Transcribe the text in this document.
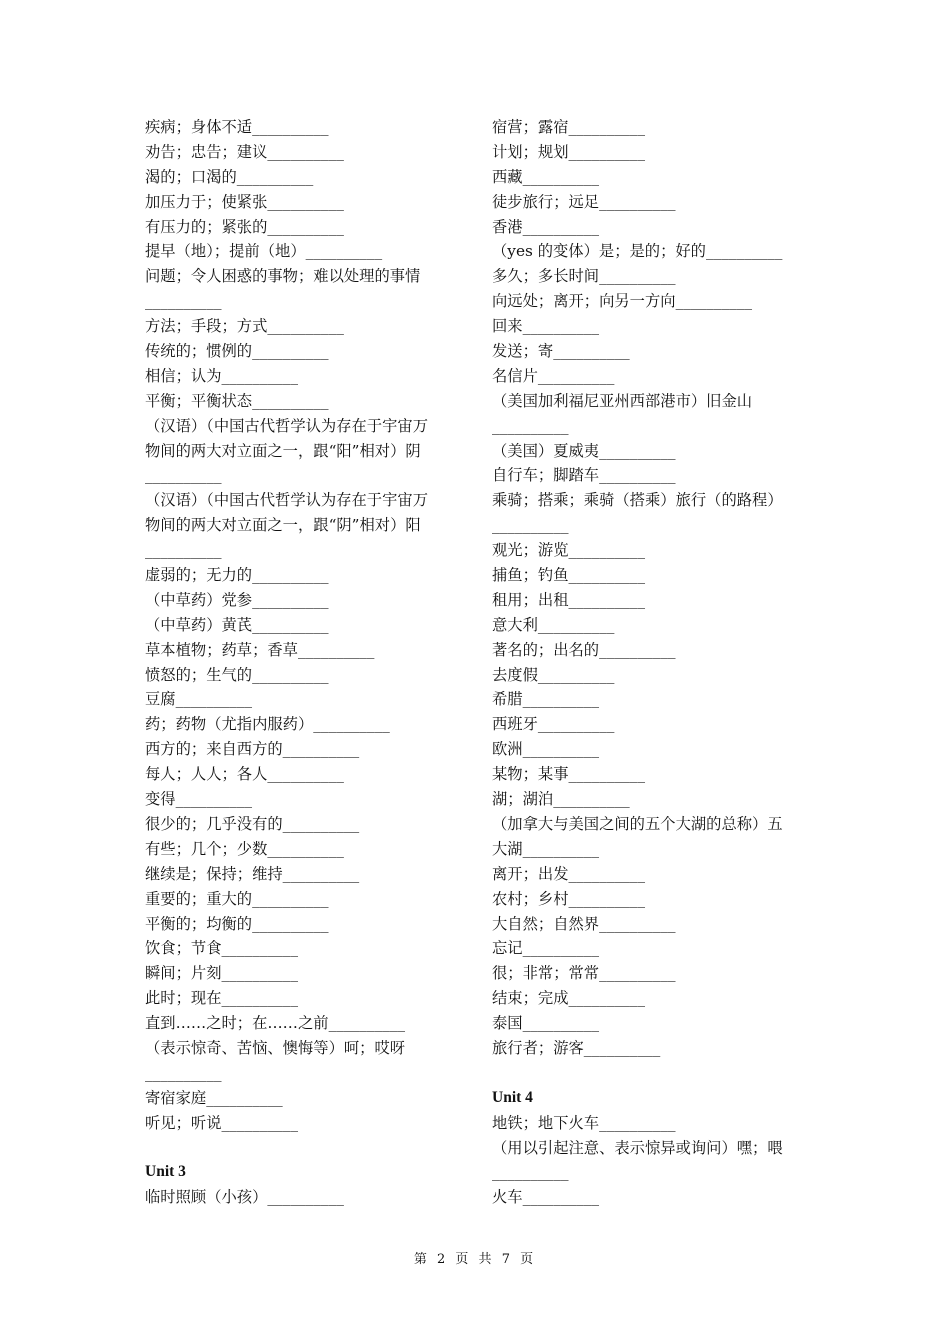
疾病；身体不适__________
劝告；忠告；建议__________
渴的；口渴的__________
加压力于；使紧张__________
有压力的；紧张的__________
提早（地）；提前（地）__________
问题；令人困惑的事物；难以处理的事情
__________
方法；手段；方式__________
传统的；惯例的__________
相信；认为__________
平衡；平衡状态__________
（汉语）（中国古代哲学认为存在于宇宙万
物间的两大对立面之一，跟“阳”相对）阴
__________
（汉语）（中国古代哲学认为存在于宇宙万
物间的两大对立面之一，跟“阴”相对）阳
__________
虚弱的；无力的__________
（中草药）党参__________
（中草药）黄芪__________
草本植物；药草；香草__________
愤怒的；生气的__________
豆腐__________
药；药物（尤指内服药）__________
西方的；来自西方的__________
每人；人人；各人__________
变得__________
很少的；几乎没有的__________
有些；几个；少数__________
继续是；保持；维持__________
重要的；重大的__________
平衡的；均衡的__________
饮食；节食__________
瞬间；片刻__________
此时；现在__________
直到……之时；在……之前__________
（表示惊奇、苦恼、懊悔等）呵；哎呀
__________
寄宿家庭__________
听见；听说__________
Unit 3
临时照顾（小孩）__________
宿营；露宿__________
计划；规划__________
西藏__________
徒步旅行；远足__________
香港__________
（yes 的变体）是；是的；好的__________
多久；多长时间__________
向远处；离开；向另一方向__________
回来__________
发送；寄__________
名信片__________
（美国加利福尼亚州西部港市）旧金山
__________
（美国）夏威夷__________
自行车；脚踏车__________
乘骑；搭乘；乘骑（搭乘）旅行（的路程）
__________
观光；游览__________
捕鱼；钓鱼__________
租用；出租__________
意大利__________
著名的；出名的__________
去度假__________
希腊__________
西班牙__________
欧洲__________
某物；某事__________
湖；湖泊__________
（加拿大与美国之间的五个大湖的总称）五
大湖__________
离开；出发__________
农村；乡村__________
大自然；自然界__________
忘记__________
很；非常；常常__________
结束；完成__________
泰国__________
旅行者；游客__________
Unit 4
地铁；地下火车__________
（用以引起注意、表示惊异或询问）嘿；喂
__________
火车__________
第 2 页 共 7 页
